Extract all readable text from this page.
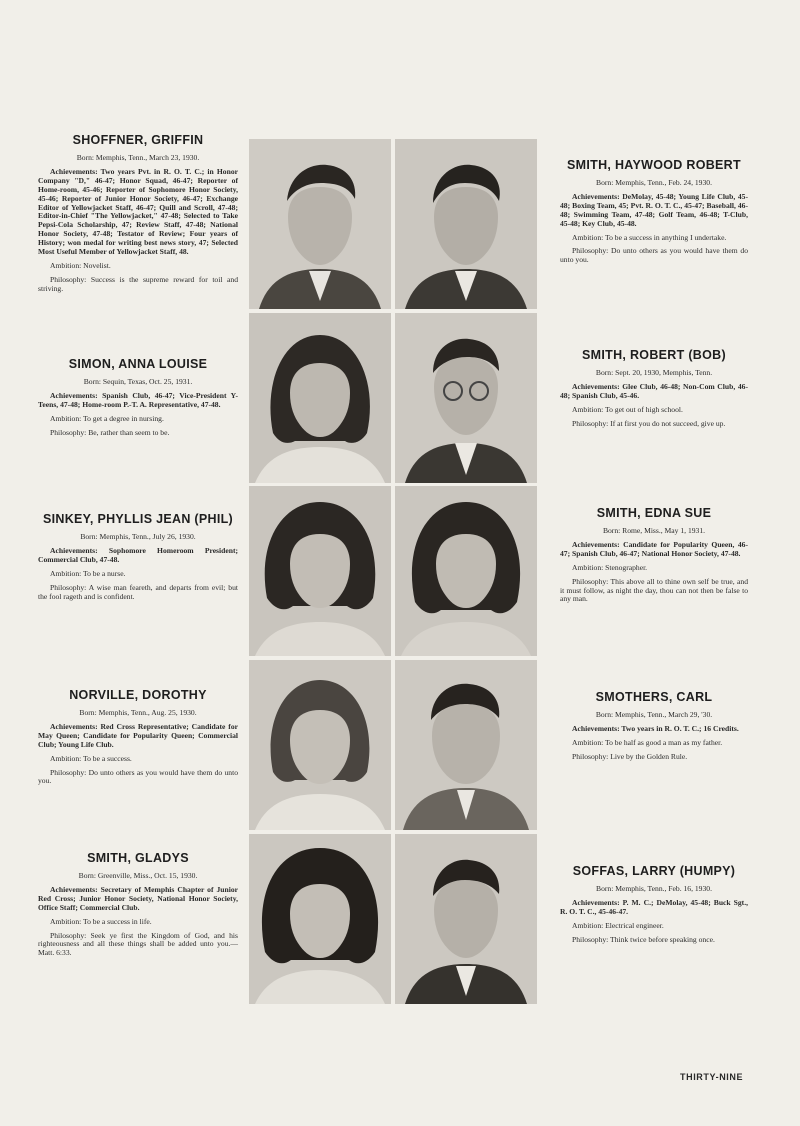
SHOFFNER, GRIFFIN
Born: Memphis, Tenn., March 23, 1930.
Achievements: Two years Pvt. in R. O. T. C.; in Honor Company "D," 46-47; Honor Squad, 46-47; Reporter of Home-room, 45-46; Reporter of Sophomore Honor Society, 45-46; Reporter of Junior Honor Society, 46-47; Exchange Editor of Yellowjacket Staff, 46-47; Quill and Scroll, 47-48; Editor-in-Chief "The Yellowjacket," 47-48; Selected to Take Pepsi-Cola Scholarship, 47; Review Staff, 47-48; National Honor Society, 47-48; Testator of Review; Four years of History; won medal for writing best news story, 47; Selected Most Useful Member of Yellowjacket Staff, 48.
Ambition: Novelist.
Philosophy: Success is the supreme reward for toil and striving.
SIMON, ANNA LOUISE
Born: Sequin, Texas, Oct. 25, 1931.
Achievements: Spanish Club, 46-47; Vice-President Y-Teens, 47-48; Home-room P.-T. A. Representative, 47-48.
Ambition: To get a degree in nursing.
Philosophy: Be, rather than seem to be.
SINKEY, PHYLLIS JEAN (PHIL)
Born: Memphis, Tenn., July 26, 1930.
Achievements: Sophomore Homeroom President; Commercial Club, 47-48.
Ambition: To be a nurse.
Philosophy: A wise man feareth, and departs from evil; but the fool rageth and is confident.
NORVILLE, DOROTHY
Born: Memphis, Tenn., Aug. 25, 1930.
Achievements: Red Cross Representative; Candidate for May Queen; Candidate for Popularity Queen; Commercial Club; Young Life Club.
Ambition: To be a success.
Philosophy: Do unto others as you would have them do unto you.
SMITH, GLADYS
Born: Greenville, Miss., Oct. 15, 1930.
Achievements: Secretary of Memphis Chapter of Junior Red Cross; Junior Honor Society, National Honor Society, Office Staff; Commercial Club.
Ambition: To be a success in life.
Philosophy: Seek ye first the Kingdom of God, and his righteousness and all these things shall be added unto you.—Matt. 6:33.
SMITH, HAYWOOD ROBERT
Born: Memphis, Tenn., Feb. 24, 1930.
Achievements: DeMolay, 45-48; Young Life Club, 45-48; Boxing Team, 45; Pvt. R. O. T. C., 45-47; Baseball, 46-48; Swimming Team, 47-48; Golf Team, 46-48; T-Club, 45-48; Key Club, 45-48.
Ambition: To be a success in anything I undertake.
Philosophy: Do unto others as you would have them do unto you.
SMITH, ROBERT (BOB)
Born: Sept. 20, 1930, Memphis, Tenn.
Achievements: Glee Club, 46-48; Non-Com Club, 46-48; Spanish Club, 45-46.
Ambition: To get out of high school.
Philosophy: If at first you do not succeed, give up.
SMITH, EDNA SUE
Born: Rome, Miss., May 1, 1931.
Achievements: Candidate for Popularity Queen, 46-47; Spanish Club, 46-47; National Honor Society, 47-48.
Ambition: Stenographer.
Philosophy: This above all to thine own self be true, and it must follow, as night the day, thou can not then be false to any man.
SMOTHERS, CARL
Born: Memphis, Tenn., March 29, '30.
Achievements: Two years in R. O. T. C.; 16 Credits.
Ambition: To be half as good a man as my father.
Philosophy: Live by the Golden Rule.
SOFFAS, LARRY (HUMPY)
Born: Memphis, Tenn., Feb. 16, 1930.
Achievements: P. M. C.; DeMolay, 45-48; Buck Sgt., R. O. T. C., 45-46-47.
Ambition: Electrical engineer.
Philosophy: Think twice before speaking once.
THIRTY-NINE
